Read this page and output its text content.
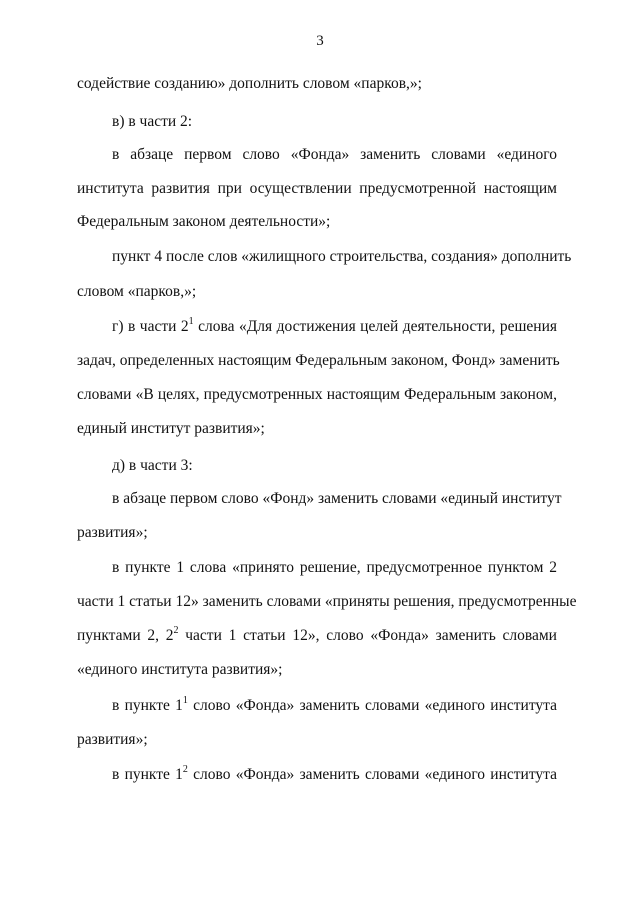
3
содействие созданию» дополнить словом «парков,»;
в) в части 2:
в абзаце первом слово «Фонда» заменить словами «единого
института развития при осуществлении предусмотренной настоящим
Федеральным законом деятельности»;
пункт 4 после слов «жилищного строительства, создания» дополнить
словом «парков,»;
г) в части $2^1$ слова «Для достижения целей деятельности, решения
задач, определенных настоящим Федеральным законом, Фонд» заменить
словами «В целях, предусмотренных настоящим Федеральным законом,
единый институт развития»;
д) в части 3:
в абзаце первом слово «Фонд» заменить словами «единый институт
развития»;
в пункте 1 слова «принято решение, предусмотренное пунктом 2
части 1 статьи 12» заменить словами «приняты решения, предусмотренные
пунктами 2, $2^2$ части 1 статьи 12», слово «Фонда» заменить словами
«единого института развития»;
в пункте $1^1$ слово «Фонда» заменить словами «единого института
развития»;
в пункте $1^2$ слово «Фонда» заменить словами «единого института
